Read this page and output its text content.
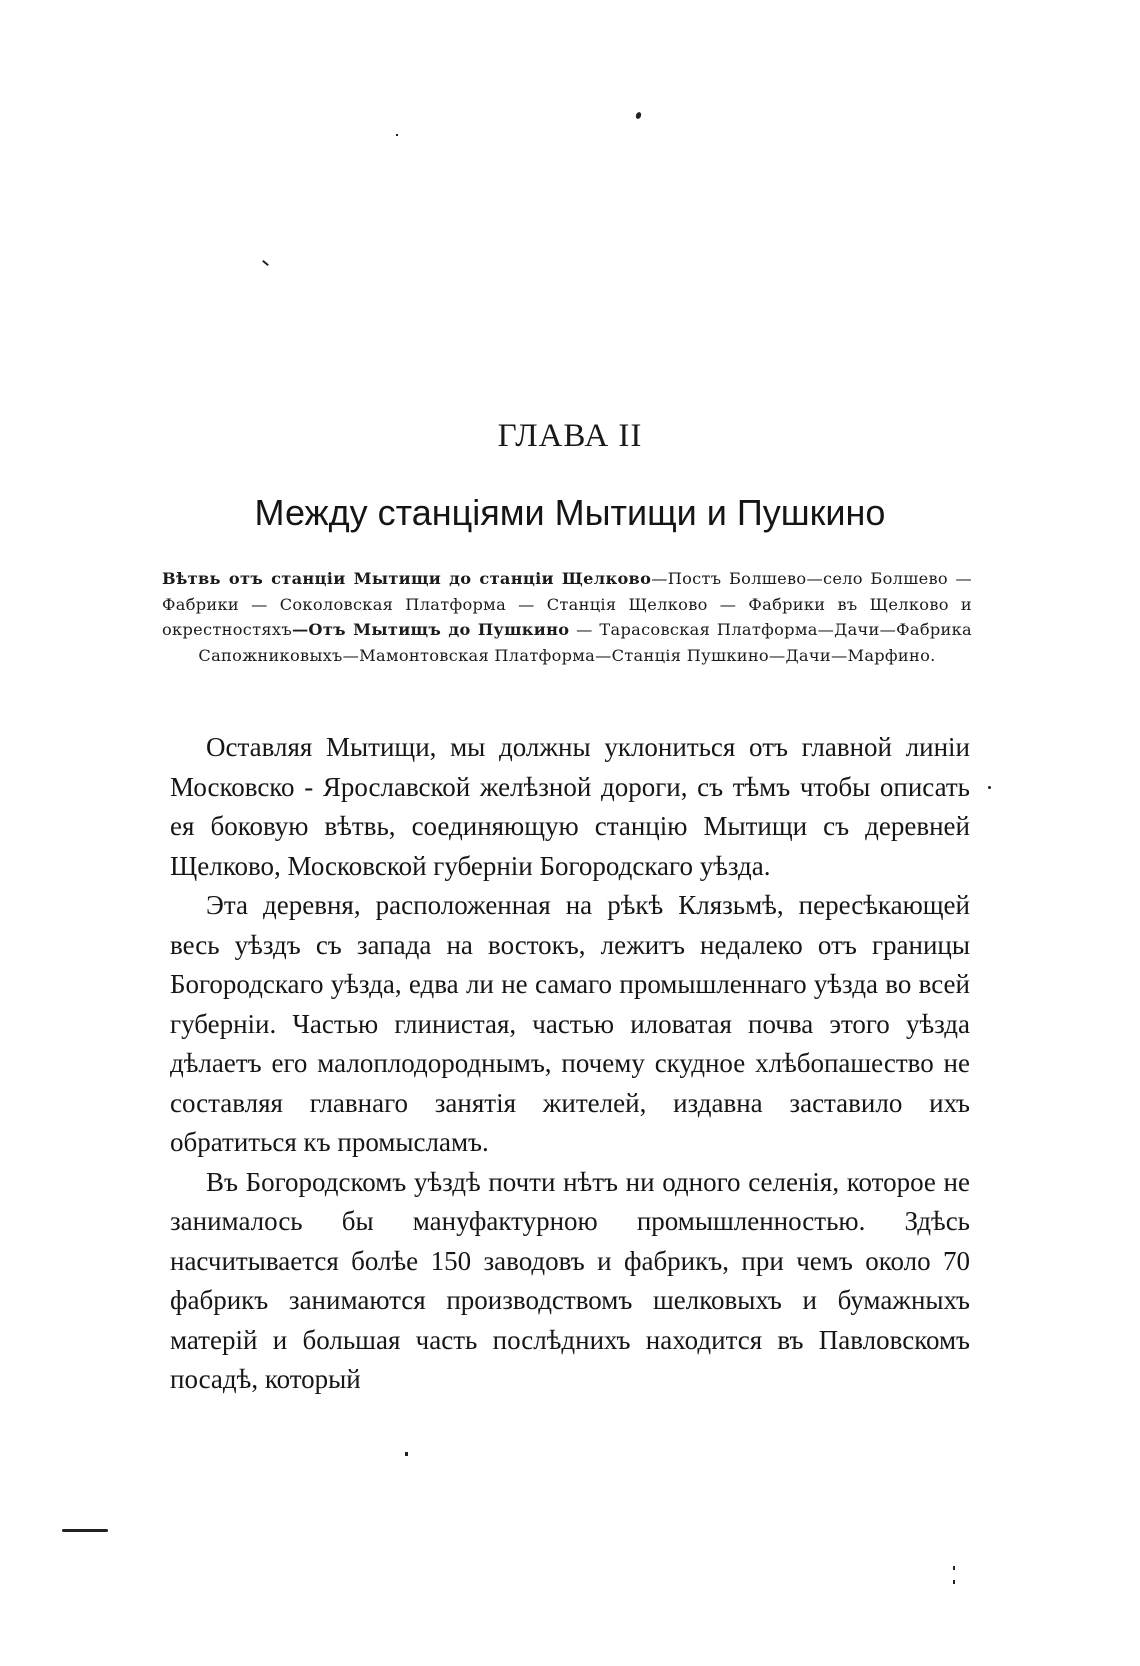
ГЛАВА II
Между станціями Мытищи и Пушкино
Вѣтвь отъ станціи Мытищи до станціи Щелково—Постъ Болшево—село Болшево — Фабрики — Соколовская Платформа — Станція Щелково — Фабрики въ Щелково и окрестностяхъ—Отъ Мытищъ до Пушкино — Тарасовская Платформа—Дачи—Фабрика Сапожниковыхъ—Мамонтовская Платформа—Станція Пушкино—Дачи—Марфино.

Оставляя Мытищи, мы должны уклониться отъ главной линіи Московско - Ярославской желѣзной дороги, съ тѣмъ чтобы описать ея боковую вѣтвь, соединяющую станцію Мытищи съ деревней Щелково, Московской губерніи Богородскаго уѣзда.

Эта деревня, расположенная на рѣкѣ Клязьмѣ, пересѣкающей весь уѣздъ съ запада на востокъ, лежитъ недалеко отъ границы Богородскаго уѣзда, едва ли не самаго промышленнаго уѣзда во всей губерніи. Частью глинистая, частью иловатая почва этого уѣзда дѣлаетъ его малоплодороднымъ, почему скудное хлѣбопашество не составляя главнаго занятія жителей, издавна заставило ихъ обратиться къ промысламъ.

Въ Богородскомъ уѣздѣ почти нѣтъ ни одного селенія, которое не занималось бы мануфактурною промышленностью. Здѣсь насчитывается болѣе 150 заводовъ и фабрикъ, при чемъ около 70 фабрикъ занимаются производствомъ шелковыхъ и бумажныхъ матерій и большая часть послѣднихъ находится въ Павловскомъ посадѣ, который
